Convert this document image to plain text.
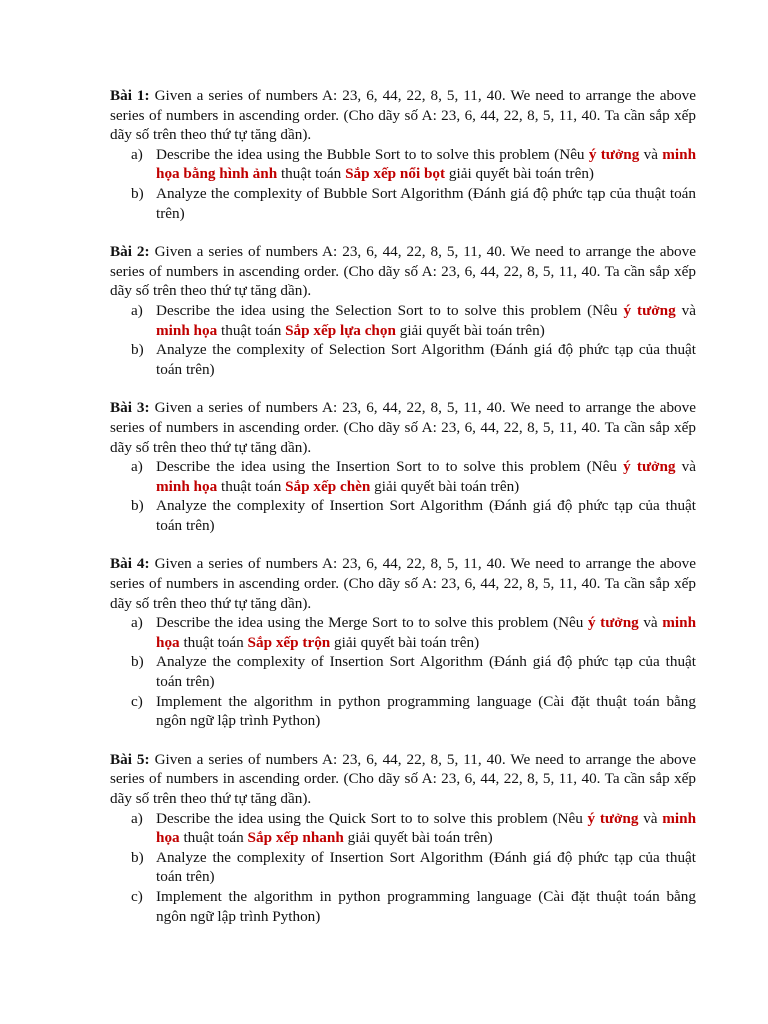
Bài 1: Given a series of numbers A: 23, 6, 44, 22, 8, 5, 11, 40. We need to arrange the above series of numbers in ascending order. (Cho dãy số A: 23, 6, 44, 22, 8, 5, 11, 40. Ta cần sắp xếp dãy số trên theo thứ tự tăng dần).
a) Describe the idea using the Bubble Sort to to solve this problem (Nêu ý tưởng và minh họa bằng hình ảnh thuật toán Sắp xếp nổi bọt giải quyết bài toán trên)
b) Analyze the complexity of Bubble Sort Algorithm (Đánh giá độ phức tạp của thuật toán trên)
Bài 2: Given a series of numbers A: 23, 6, 44, 22, 8, 5, 11, 40. We need to arrange the above series of numbers in ascending order. (Cho dãy số A: 23, 6, 44, 22, 8, 5, 11, 40. Ta cần sắp xếp dãy số trên theo thứ tự tăng dần).
a) Describe the idea using the Selection Sort to to solve this problem (Nêu ý tưởng và minh họa thuật toán Sắp xếp lựa chọn giải quyết bài toán trên)
b) Analyze the complexity of Selection Sort Algorithm (Đánh giá độ phức tạp của thuật toán trên)
Bài 3: Given a series of numbers A: 23, 6, 44, 22, 8, 5, 11, 40. We need to arrange the above series of numbers in ascending order. (Cho dãy số A: 23, 6, 44, 22, 8, 5, 11, 40. Ta cần sắp xếp dãy số trên theo thứ tự tăng dần).
a) Describe the idea using the Insertion Sort to to solve this problem (Nêu ý tưởng và minh họa thuật toán Sắp xếp chèn giải quyết bài toán trên)
b) Analyze the complexity of Insertion Sort Algorithm (Đánh giá độ phức tạp của thuật toán trên)
Bài 4: Given a series of numbers A: 23, 6, 44, 22, 8, 5, 11, 40. We need to arrange the above series of numbers in ascending order. (Cho dãy số A: 23, 6, 44, 22, 8, 5, 11, 40. Ta cần sắp xếp dãy số trên theo thứ tự tăng dần).
a) Describe the idea using the Merge Sort to to solve this problem (Nêu ý tưởng và minh họa thuật toán Sắp xếp trộn giải quyết bài toán trên)
b) Analyze the complexity of Insertion Sort Algorithm (Đánh giá độ phức tạp của thuật toán trên)
c) Implement the algorithm in python programming language (Cài đặt thuật toán bằng ngôn ngữ lập trình Python)
Bài 5: Given a series of numbers A: 23, 6, 44, 22, 8, 5, 11, 40. We need to arrange the above series of numbers in ascending order. (Cho dãy số A: 23, 6, 44, 22, 8, 5, 11, 40. Ta cần sắp xếp dãy số trên theo thứ tự tăng dần).
a) Describe the idea using the Quick Sort to to solve this problem (Nêu ý tưởng và minh họa thuật toán Sắp xếp nhanh giải quyết bài toán trên)
b) Analyze the complexity of Insertion Sort Algorithm (Đánh giá độ phức tạp của thuật toán trên)
c) Implement the algorithm in python programming language (Cài đặt thuật toán bằng ngôn ngữ lập trình Python)
